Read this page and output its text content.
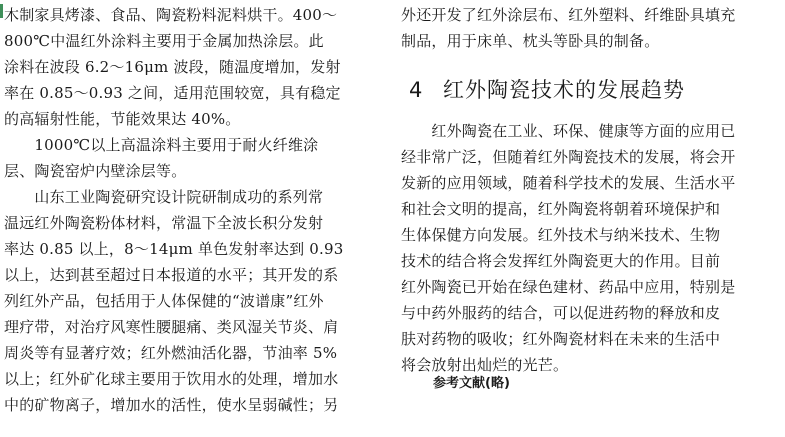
木制家具烤漆、食品、陶瓷粉料泥料烘干。400～
800℃中温红外涂料主要用于金属加热涂层。此
涂料在波段 6.2～16μm 波段，随温度增加，发射
率在 0.85～0.93 之间，适用范围较宽，具有稳定
的高辐射性能，节能效果达 40%。
　　1000℃以上高温涂料主要用于耐火纤维涂
层、陶瓷窑炉内壁涂层等。
　　山东工业陶瓷研究设计院研制成功的系列常
温远红外陶瓷粉体材料，常温下全波长积分发射
率达 0.85 以上，8～14μm 单色发射率达到 0.93
以上，达到甚至超过日本报道的水平；其开发的系
列红外产品，包括用于人体保健的“波谱康”红外
理疗带，对治疗风寒性腰腿痛、类风湿关节炎、肩
周炎等有显著疗效；红外燃油活化器，节油率 5%
以上；红外矿化球主要用于饮用水的处理，增加水
中的矿物离子，增加水的活性，使水呈弱碱性；另
外还开发了红外涂层布、红外塑料、纤维卧具填充
制品，用于床单、枕头等卧具的制备。
4 红外陶瓷技术的发展趋势
　　红外陶瓷在工业、环保、健康等方面的应用已
经非常广泛，但随着红外陶瓷技术的发展，将会开
发新的应用领域，随着科学技术的发展、生活水平
和社会文明的提高，红外陶瓷将朝着环境保护和
生体保健方向发展。红外技术与纳米技术、生物
技术的结合将会发挥红外陶瓷更大的作用。目前
红外陶瓷已开始在绿色建材、药品中应用，特别是
与中药外服药的结合，可以促进药物的释放和皮
肤对药物的吸收；红外陶瓷材料在未来的生活中
将会放射出灿烂的光芒。
参考文献(略)
